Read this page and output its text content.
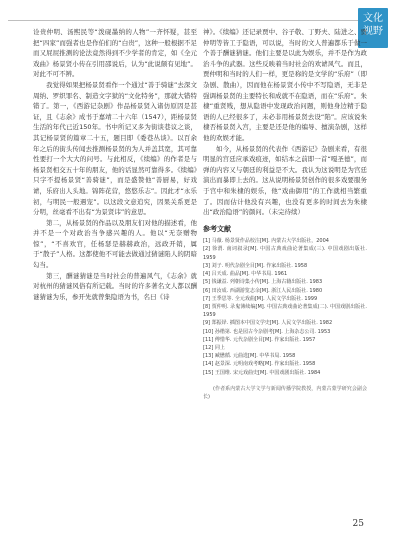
文化
视野

诠贵仲明、汤熙民等“泼砚墨纳的人物”一齐怀疑，甚至把“四家”而强者也是作伯们的“白贵”，这种一般根据不足而又屁屁推测的论法竟然得到不少学者的肯定，如《全元戏曲》杨景贤小传在引用邵说后，认为“此说颇有见地”。对此不可不辨。

我觉得如果把杨景贤看作一个通过“善于骑谜”去深文周纳、罗织罪名、制造文字狱的“文化特务”，那就大错特错了。第一，《西游记杂剧》作品杨景贤入诸仿原因是甚证，且《志余》成书于嘉靖二十六年（1547），距杨景贤生活的年代已近150年。书中所记又多为街谈巷议之谈，其记杨景贤的篇章二十五，题目即《委巷丛谈》。以百余年之后的街头传闻去推测杨景贤的为人并盖其宽，其可靠性要打一个大大的问号。与此相反，《续编》的作者是与杨景贤相交五十年的朋友，他的话显然可靠得多。《续编》只字不提杨景贤“善骑谜”，而是盛赞他“善厨易，好戏谑，乐府出人头地。锦阵花营，悠悠乐志”。因此才“永乐初，与明民一般遇宠”。以这段文意追究，因果关系更是分明，丝毫看不出有“为景贤讳”的意思。

第二，从杨景贤的作品以及朋友们对他的描述看，他并不是一个对政治当争感兴趣的人。他以“无奈赠物惊”，“不喜欢官，任杨瑟是赫赫政治，远政开销，属于“散子”人格。这都使他不可能去做通过猜谜陷人的阴暗勾当。

第三，酬谜猜谜是当时社会的普遍风气，《志余》就对杭州的猜谜风俗有所记载。当时的许多著名文人都以酬谜猜谜为乐，参开先就曾集隐语为书，名曰《诗

神》。《续编》还记录贾中、谷子敬、丁野夫、陆进之、贾仲明等皆工于隐语，可以说，当时的文人普遍都乐于做一个善于酬谜猜谜。他们主要是以此为娱乐，并不是作为政治斗争的武器。这些反映着当时社会的欢谑风气。而且，贾仲明和当时的人们一样，更是称的是文学的“乐府”（即杂剧、散曲），因而他在杨景贤小传中不写隐语，无非是强调杨景贤的主要特长和成就不在隐语，而在“乐府”。朱棣“重贤贱，想从隐语中发现政治问题，则他身边精于隐语的人已经很多了，未必非用杨景贤去设“陷”。应该说朱棣否杨景贤入宫，主要是还是他的编导、擅演杂剧，这样他的欢娱才能。

如今，从杨景贤的代表作《西游记》杂剧来看，有很明显的宫廷应承戏痕迹，如结本之前即一首“嘎圣德”，而弹的内容又与朝廷的利益是不大。我认为这说明是为宫廷演出而暴即上去的。这从说明杨景贤创作的很多戏要服务于宫中和朱棣的娱乐，他“戏曲御用”的工作就相当繁重了。因而估计他没有兴趣，也没有更多的时间去为朱棣出“政治隐语”的颜问。（未完待续）

参考文献
[1] 马薇. 杨景贤作品校注[M]. 内蒙古大学出版社，2004
[2] 徐渭. 南词叙录[M]. 中国古典戏曲论著集成(三). 中国戏剧出版社. 1959
[3] 刘子. 明代杂剧全目[M]. 作家出版社. 1958
[4] 吕天成. 曲品[M]. 中华书局. 1961
[5] 钱谦益. 列朝诗集小传[M]. 上海古籍出版社. 1983
[6] 田汝成. 西湖游览志余[M]. 浙江人民出版社. 1980
[7] 王季思等. 全元戏曲[M]. 人民文学出版社. 1999
[8] 贾仲明. 录鬼簿续编[M]. 中国古典戏曲论著集成(二). 中国戏剧出版社. 1959
[9] 郑振铎. 插图本中国文学史[M]. 人民文学出版社. 1982
[10] 孙楷第. 也是园古今杂剧考[M]. 上海杂志公司. 1953
[11] 傅惜华. 元代杂剧全目[M]. 作家出版社. 1957
[12] 同上
[13] 臧懋循. 元曲选[M]. 中华书局. 1958
[14] 赵景深. 元明南戏考略[M]. 作家出版社. 1958
[15] 王国维. 宋元戏曲史[M]. 中国戏剧出版社. 1984
(作者系内蒙古大学文学与新闻传播学院教授，内蒙古蒙学研究会副会长)
25
